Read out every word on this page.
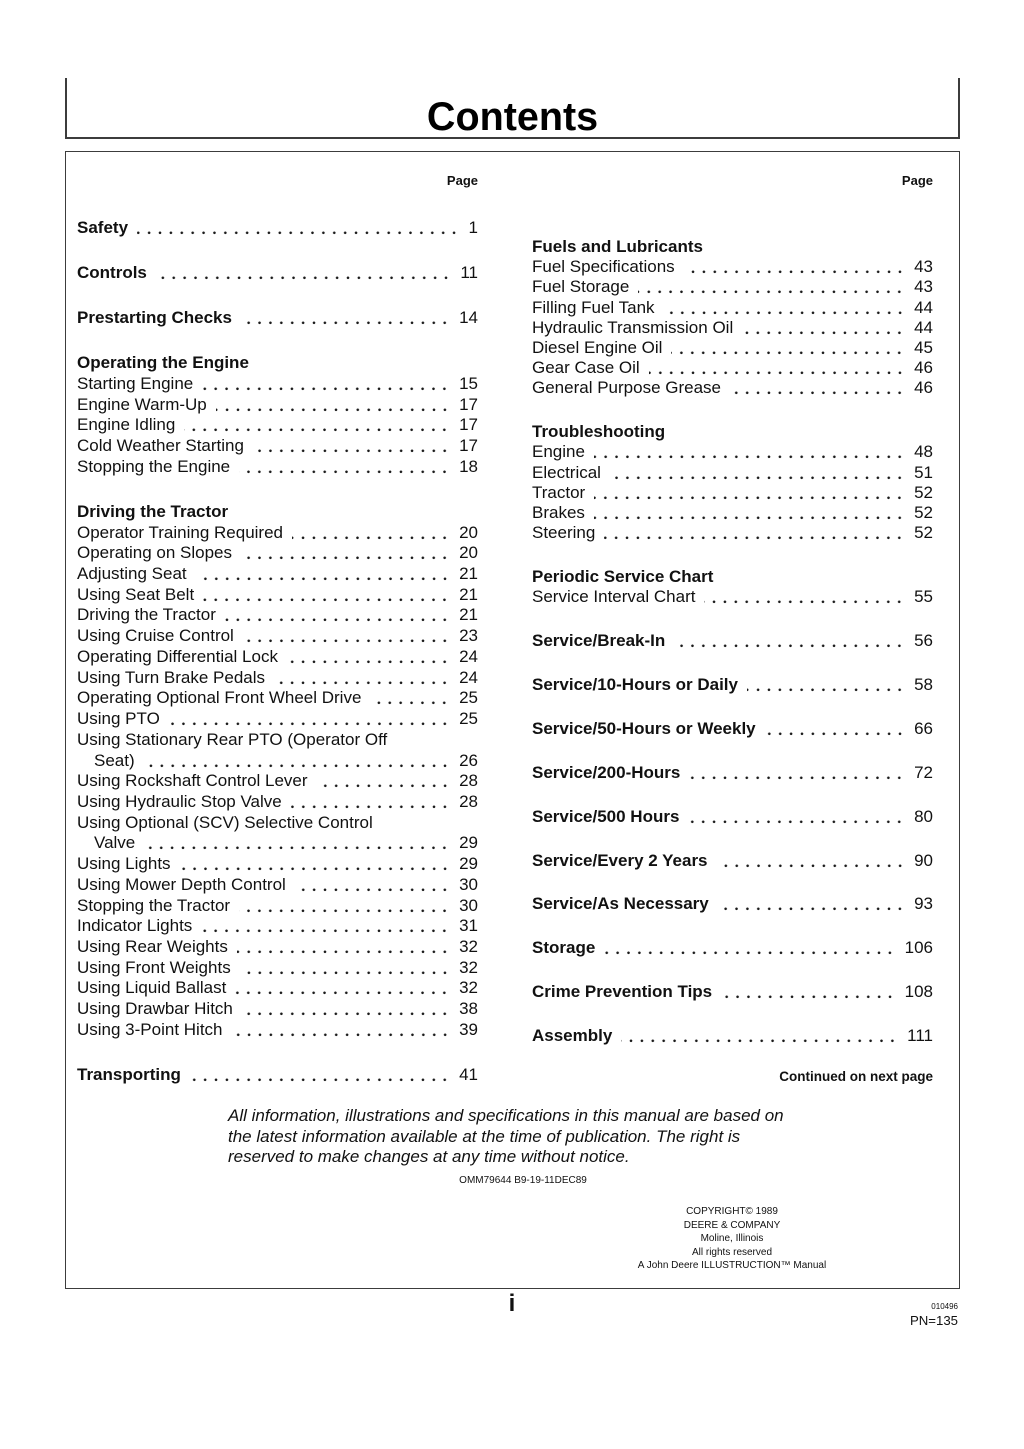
Contents
Page	Page
Safety	1
Controls	11
Prestarting Checks	14
Operating the Engine
Starting Engine	15
Engine Warm-Up	17
Engine Idling	17
Cold Weather Starting	17
Stopping the Engine	18
Driving the Tractor
Operator Training Required	20
Operating on Slopes	20
Adjusting Seat	21
Using Seat Belt	21
Driving the Tractor	21
Using Cruise Control	23
Operating Differential Lock	24
Using Turn Brake Pedals	24
Operating Optional Front Wheel Drive	25
Using PTO	25
Using Stationary Rear PTO (Operator Off
Seat)	26
Using Rockshaft Control Lever	28
Using Hydraulic Stop Valve	28
Using Optional (SCV) Selective Control
Valve	29
Using Lights	29
Using Mower Depth Control	30
Stopping the Tractor	30
Indicator Lights	31
Using Rear Weights	32
Using Front Weights	32
Using Liquid Ballast	32
Using Drawbar Hitch	38
Using 3-Point Hitch	39
Transporting	41
Fuels and Lubricants
Fuel Specifications	43
Fuel Storage	43
Filling Fuel Tank	44
Hydraulic Transmission Oil	44
Diesel Engine Oil	45
Gear Case Oil	46
General Purpose Grease	46
Troubleshooting
Engine	48
Electrical	51
Tractor	52
Brakes	52
Steering	52
Periodic Service Chart
Service Interval Chart	55
Service/Break-In	56
Service/10-Hours or Daily	58
Service/50-Hours or Weekly	66
Service/200-Hours	72
Service/500 Hours	80
Service/Every 2 Years	90
Service/As Necessary	93
Storage	106
Crime Prevention Tips	108
Assembly	111
Continued on next page
All information, illustrations and specifications in this manual are based on
the latest information available at the time of publication. The right is
reserved to make changes at any time without notice.
OMM79644 B9-19-11DEC89
COPYRIGHT© 1989
DEERE & COMPANY
Moline, Illinois
All rights reserved
A John Deere ILLUSTRUCTION™ Manual
i	010496
PN=135
